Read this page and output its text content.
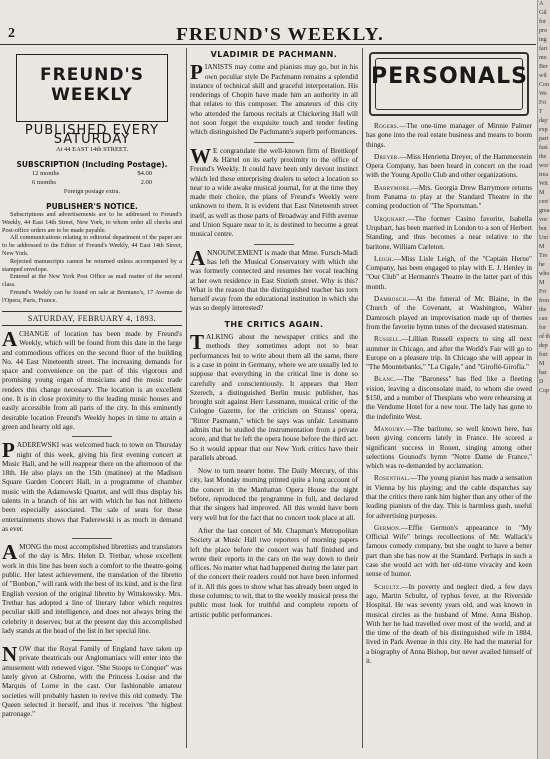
2	FREUND'S WEEKLY.
FREUND'S WEEKLY
PUBLISHED EVERY SATURDAY
At 44 EAST 14th STREET.
SUBSCRIPTION (Including Postage).
12 months	$4.00
6 months	2.00
Foreign postage extra.
PUBLISHER'S NOTICE.
Subscriptions and advertisements are to be addressed to Freund's Weekly, 44 East 14th Street, New York, to whom order all checks and Post-office orders are to be made payable.
All communications relating to editorial department of the paper are to be addressed to the Editor of Freund's Weekly, 44 East 14th Street, New York.
Rejected manuscripts cannot be returned unless accompanied by a stamped envelope.
Entered at the New York Post Office as mail matter of the second class.
Freund's Weekly can be found on sale at Brentano's, 17 Avenue de l'Opera, Paris, France.
SATURDAY, FEBRUARY 4, 1893.

A CHANGE of location has been made by Freund's Weekly, which will be found from this date in the large and commodious offices on the second floor of the building No. 44 East Nineteenth street. The increasing demands for space and convenience on the part of this vigorous and promising young organ of musicians and the music trade renders this change necessary. The location is an excellent one. It is in close proximity to the leading music houses and easily accessible from all parts of the city. In this eminently desirable location Freund's Weekly hopes in time to attain a green and hearty old age.

P ADEREWSKI was welcomed back to town on Thursday night of this week, giving his first evening concert at Music Hall, and he will reappear there on the afternoon of the 18th. He also plays on the 15th (matinee) at the Madison Square Garden Concert Hall, in a programme of chamber music with the Adamowski Quartet, and will thus display his talents in a branch of his art with which he has not hitherto been especially associated. The sale of seats for these entertainments shows that Paderewski is as much in demand as ever.

A MONG the most accomplished librettists and translators of the day is Mrs. Helen D. Tretbar, whose excellent work in this line has been such a comfort to the theatre-going public. Her latest achievement, the translation of the libretto of "Bonbon," will rank with the best of its kind, and is the first English version of the original libretto by Wittskowsky. Mrs. Tretbar has adopted a line of literary labor which requires peculiar skill and intelligence, and does not always bring the celebrity it deserves; but at the present day this accomplished lady stands at the head of the list in her special line.

N OW that the Royal Family of England have taken up private theatricals our Anglomaniacs will enter into the amusement with renewed vigor. "She Stoops to Conquer" was lately given at Osborne, with the Princess Louise and the Marquis of Lorne in the cast. Our fashionable amateur societies will probably hasten to revive this old comedy. The Queen selected it herself, and thus it receives "the highest patronage."

VLADIMIR DE PACHMANN.

P IANISTS may come and pianists may go, but in his own peculiar style De Pachmann remains a splendid instance of technical skill and graceful interpretation. His renderings of Chopin have made him an authority in all that relates to this composer. The amateurs of this city who attended the famous recitals at Chickering Hall will not soon forget the exquisite touch and tender feeling which distinguished De Pachmann's superb performances.

W E congratulate the well-known firm of Breitkopf & Härtel on its early proximity to the office of Freund's Weekly. It could have been only devout instinct which led these enterprising dealers to select a location so near to a wide awake musical journal, for at the time they made their choice, the plans of Freund's Weekly were unknown to them. It is evident that East Nineteenth street itself, as well as those parts of Broadway and Fifth avenue and Union Square near to it, is destined to become a great musical centre.

A NNOUNCEMENT is made that Mme. Fursch-Madi has left the Musical Conservatory with which she was formerly connected and resumes her vocal teaching at her own residence in East Sixtieth street. Why is this? What is the reason that the distinguished teacher has torn herself away from the educational institution in which she was so deeply interested?

THE CRITICS AGAIN.

T ALKING about the newspaper critics and the methods they sometimes adopt not to hear performances but to write about them all the same, there is a case in point in Germany, where we are usually led to suppose that everything in the critical line is done so carefully and conscientiously. It appears that Herr Szerech, a distinguished Berlin music publisher, has brought suit against Herr Lessmann, musical critic of the Cologne Gazette, for the criticism on Strauss' opera, "Ritter Pasmann," which he says was unfair. Lessmann admits that he studied the instrumentation from a private score, and that he left the opera house before the third act. So it would appear that our New York critics have their parallels abroad.

Now to turn nearer home. The Daily Mercury, of this city, last Monday morning printed quite a long account of the concert in the Manhattan Opera House the night before, reproduced the programme in full, and declared that the singers had improved. All this would have been very well but for the fact that no concert took place at all.

After the last concert of Mr. Chapman's Metropolitan Society at Music Hall two reporters of morning papers left the place before the concert was half finished and wrote their reports in the cars on the way down to their offices. No matter what had happened during the later part of the concert their readers could not have been informed of it. All this goes to show what has already been urged in these columns; to wit, that to the weekly musical press the public must look for truthful and complete reports of artistic public performances.

PERSONALS

Rogers.—The one-time manager of Minnie Palmer has gone into the real estate business and means to boom things.

Dreyer.—Miss Henrietta Dreyer, of the Hammerstein Opera Company, has been heard in concert on the road with the Young Apollo Club and other organizations.

Barrymore.—Mrs. Georgia Drew Barrymore returns from Panama to play at the Standard Theatre in the coming production of "The Sportsman."

Urquhart.—The former Casino favorite, Isabella Urquhart, has been married in London to a son of Herbert Standing, and thus becomes a near relative to the baritone, William Carleton.

Leigh.—Miss Lisle Leigh, of the "Captain Herne" Company, has been engaged to play with E. J. Henley in "Our Club" at Hermann's Theatre in the latter part of this month.

Damrosch.—At the funeral of Mr. Blaine, in the Church of the Covenant, at Washington, Walter Damrosch played an improvisation made up of themes from the favorite hymn tunes of the deceased statesman.

Russell.—Lillian Russell expects to sing all next summer in Chicago, and after the World's Fair will go to Europe on a pleasure trip. In Chicago she will appear in "The Mountebanks," "La Cigale," and "Giroflé-Girofla."

Blanc.—The "Baroness" has fled like a fleeting vision, leaving a disconsolate maid, to whom she owed $150, and a number of Thespians who were rehearsing at the Vendome Hotel for a new tour. The lady has gone to the indefinite West.

Manoury.—The baritone, so well known here, has been giving concerts lately in France. He scored a significant success in Rouen, singing among other selections Gounod's hymn "Notre Dame de France," which was re-demanded by acclamation.

Rosenthal.—The young pianist has made a sensation in Vienna by his playing; and the cable dispatches say that the critics there rank him higher than any other of the leading pianists of the day. This is harmless gush, useful for advertising purposes.

Germon.—Effie Germon's appearance in "My Official Wife" brings recollections of Mr. Wallack's famous comedy company, but she ought to have a better part than she has now at the Standard. Perhaps in such a case she would act with her old-time vivacity and keen sense of humor.

Schultz.—In poverty and neglect died, a few days ago, Martin Schultz, of typhus fever, at the Riverside Hospital. He was seventy years old, and was known in musical circles as the husband of Mme. Anna Bishop. With her he had travelled over most of the world, and at the time of the death of his distinguished wife in 1884, lived in Park Avenue in this city. He had the material for a biography of Anna Bishop, but never availed himself of it.

A
Gil
for
pro
ing
fari
mo
Ber
wil
Con
We
Fri
T
day
exp
part
fast
the
wor
trea
Wit
M
cert
grea
voc
but
Uni
M
Tre
he
who
M
Fri
fron
the
can
for
of th
dep
fort
M
bar
D
Cop
